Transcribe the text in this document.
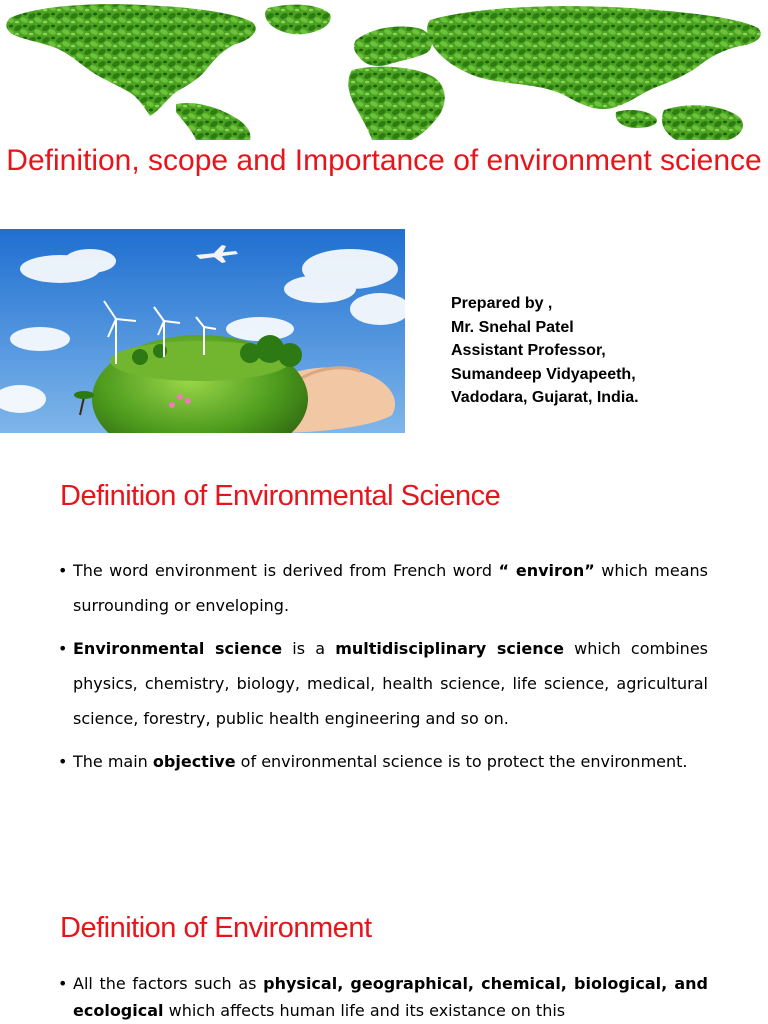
Definition, scope and Importance of environment science
Prepared by ,
Mr. Snehal Patel
Assistant Professor,
Sumandeep Vidyapeeth,
Vadodara, Gujarat, India.
Definition of Environmental Science
• The word environment is derived from French word “ environ” which means surrounding or enveloping.
• Environmental science is a multidisciplinary science which combines physics, chemistry, biology, medical, health science, life science, agricultural science, forestry, public health engineering and so on.
• The main objective of environmental science is to protect the environment.
Definition of Environment
• All the factors such as physical, geographical, chemical, biological, and ecological which affects human life and its existance on this
